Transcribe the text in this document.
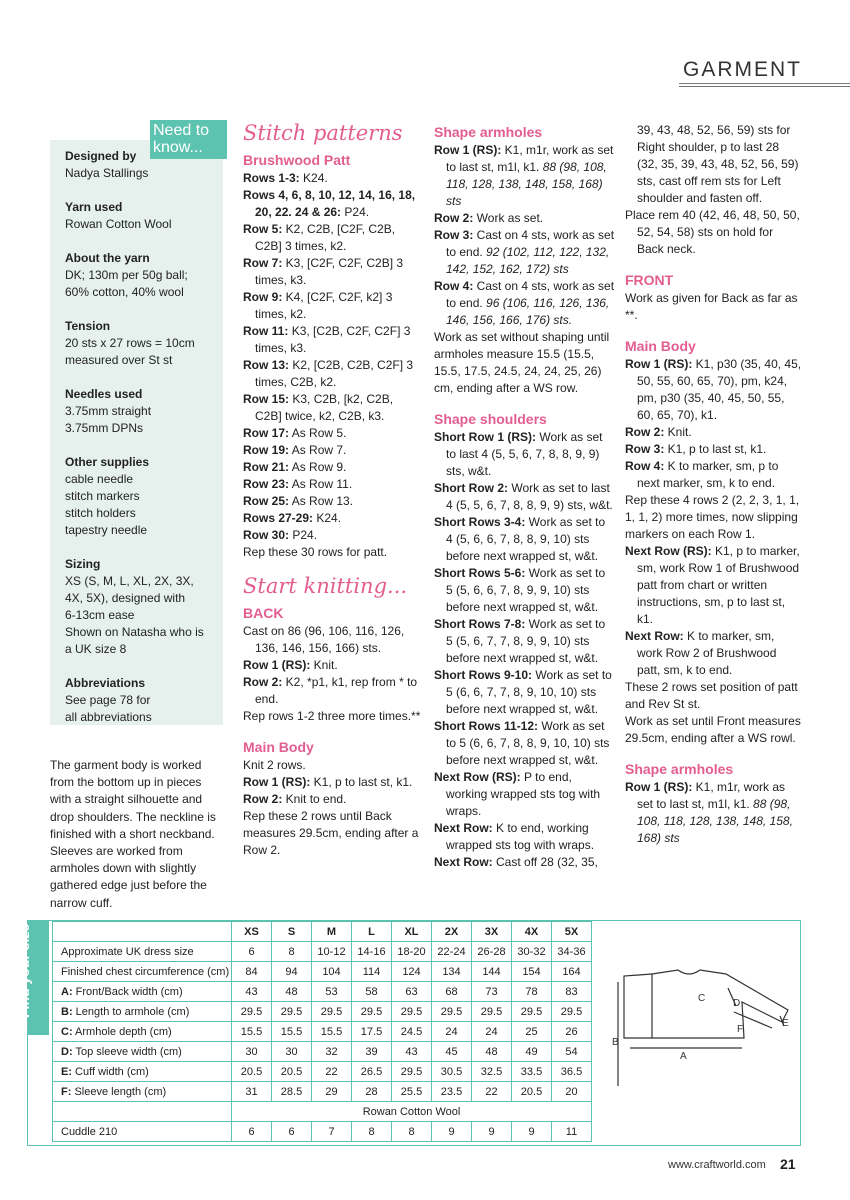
GARMENT
Need to know...
Designed by
Nadya Stallings
Yarn used
Rowan Cotton Wool
About the yarn
DK; 130m per 50g ball;
60% cotton, 40% wool
Tension
20 sts x 27 rows = 10cm
measured over St st
Needles used
3.75mm straight
3.75mm DPNs
Other supplies
cable needle
stitch markers
stitch holders
tapestry needle
Sizing
XS (S, M, L, XL, 2X, 3X,
4X, 5X), designed with
6-13cm ease
Shown on Natasha who is
a UK size 8
Abbreviations
See page 78 for
all abbreviations
The garment body is worked from the bottom up in pieces with a straight silhouette and drop shoulders. The neckline is finished with a short neckband. Sleeves are worked from armholes down with slightly gathered edge just before the narrow cuff.
Stitch patterns
Brushwood Patt

Rows 1-3: K24.

Rows 4, 6, 8, 10, 12, 14, 16, 18, 20, 22. 24 & 26: P24.

Row 5: K2, C2B, [C2F, C2B, C2B] 3 times, k2.

Row 7: K3, [C2F, C2F, C2B] 3 times, k3.

Row 9: K4, [C2F, C2F, k2] 3 times, k2.

Row 11: K3, [C2B, C2F, C2F] 3 times, k3.

Row 13: K2, [C2B, C2B, C2F] 3 times, C2B, k2.

Row 15: K3, C2B, [k2, C2B, C2B] twice, k2, C2B, k3.

Row 17: As Row 5.

Row 19: As Row 7.

Row 21: As Row 9.

Row 23: As Row 11.

Row 25: As Row 13.

Rows 27-29: K24.

Row 30: P24.

Rep these 30 rows for patt.

Start knitting...
BACK

Cast on 86 (96, 106, 116, 126, 136, 146, 156, 166) sts.

Row 1 (RS): Knit.

Row 2: K2, *p1, k1, rep from * to end.

Rep rows 1-2 three more times.**

Main Body

Knit 2 rows.

Row 1 (RS): K1, p to last st, k1.

Row 2: Knit to end.

Rep these 2 rows until Back measures 29.5cm, ending after a Row 2.

Shape armholes

Row 1 (RS): K1, m1r, work as set to last st, m1l, k1. 88 (98, 108, 118, 128, 138, 148, 158, 168) sts

Row 2: Work as set.

Row 3: Cast on 4 sts, work as set to end. 92 (102, 112, 122, 132, 142, 152, 162, 172) sts

Row 4: Cast on 4 sts, work as set to end. 96 (106, 116, 126, 136, 146, 156, 166, 176) sts.

Work as set without shaping until armholes measure 15.5 (15.5, 15.5, 17.5, 24.5, 24, 24, 25, 26) cm, ending after a WS row.

Shape shoulders

Short Row 1 (RS): Work as set to last 4 (5, 5, 6, 7, 8, 8, 9, 9) sts, w&t.

Short Row 2: Work as set to last 4 (5, 5, 6, 7, 8, 8, 9, 9) sts, w&t.

Short Rows 3-4: Work as set to 4 (5, 6, 6, 7, 8, 8, 9, 10) sts before next wrapped st, w&t.

Short Rows 5-6: Work as set to 5 (5, 6, 6, 7, 8, 9, 9, 10) sts before next wrapped st, w&t.

Short Rows 7-8: Work as set to 5 (5, 6, 7, 7, 8, 9, 9, 10) sts before next wrapped st, w&t.

Short Rows 9-10: Work as set to 5 (6, 6, 7, 7, 8, 9, 10, 10) sts before next wrapped st, w&t.

Short Rows 11-12: Work as set to 5 (6, 6, 7, 8, 8, 9, 10, 10) sts before next wrapped st, w&t.

Next Row (RS): P to end, working wrapped sts tog with wraps.

Next Row: K to end, working wrapped sts tog with wraps.

Next Row: Cast off 28 (32, 35,

39, 43, 48, 52, 56, 59) sts for Right shoulder, p to last 28 (32, 35, 39, 43, 48, 52, 56, 59) sts, cast off rem sts for Left shoulder and fasten off.

Place rem 40 (42, 46, 48, 50, 50, 52, 54, 58) sts on hold for Back neck.

FRONT

Work as given for Back as far as **.

Main Body

Row 1 (RS): K1, p30 (35, 40, 45, 50, 55, 60, 65, 70), pm, k24, pm, p30 (35, 40, 45, 50, 55, 60, 65, 70), k1.

Row 2: Knit.

Row 3: K1, p to last st, k1.

Row 4: K to marker, sm, p to next marker, sm, k to end.

Rep these 4 rows 2 (2, 2, 3, 1, 1, 1, 1, 2) more times, now slipping markers on each Row 1.

Next Row (RS): K1, p to marker, sm, work Row 1 of Brushwood patt from chart or written instructions, sm, p to last st, k1.

Next Row: K to marker, sm, work Row 2 of Brushwood patt, sm, k to end.

These 2 rows set position of patt and Rev St st.

Work as set until Front measures 29.5cm, ending after a WS rowl.

Shape armholes

Row 1 (RS): K1, m1r, work as set to last st, m1l, k1. 88 (98, 108, 118, 128, 138, 148, 158, 168) sts

Find your size
		XS	S	M	L	XL	2X	3X	4X	5X
Approximate UK dress size	6	8	10-12	14-16	18-20	22-24	26-28	30-32	34-36
Finished chest circumference (cm)	84	94	104	114	124	134	144	154	164
A: Front/Back width (cm)	43	48	53	58	63	68	73	78	83
B: Length to armhole (cm)	29.5	29.5	29.5	29.5	29.5	29.5	29.5	29.5	29.5
C: Armhole depth (cm)	15.5	15.5	15.5	17.5	24.5	24	24	25	26
D: Top sleeve width (cm)	30	30	32	39	43	45	48	49	54
E: Cuff width (cm)	20.5	20.5	22	26.5	29.5	30.5	32.5	33.5	36.5
F: Sleeve length (cm)	31	28.5	29	28	25.5	23.5	22	20.5	20
	Rowan Cotton Wool								
Cuddle 210	6	6	7	8	8	9	9	9	11
A
B
C	D
E
F
www.craftworld.com 21
